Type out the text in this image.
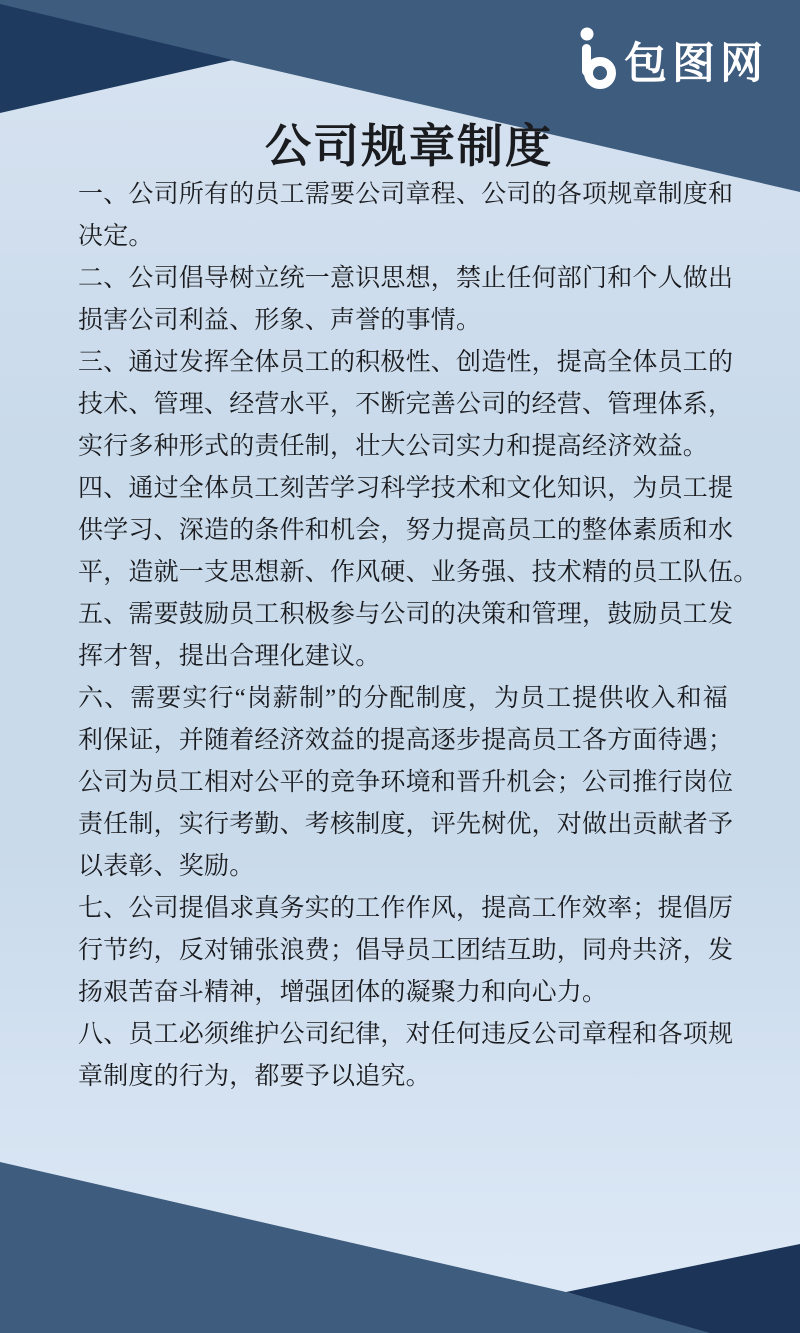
包图网
公司规章制度
一、公司所有的员工需要公司章程、公司的各项规章制度和
决定。
二、公司倡导树立统一意识思想，禁止任何部门和个人做出
损害公司利益、形象、声誉的事情。
三、通过发挥全体员工的积极性、创造性，提高全体员工的
技术、管理、经营水平，不断完善公司的经营、管理体系，
实行多种形式的责任制，壮大公司实力和提高经济效益。
四、通过全体员工刻苦学习科学技术和文化知识，为员工提
供学习、深造的条件和机会，努力提高员工的整体素质和水
平，造就一支思想新、作风硬、业务强、技术精的员工队伍。
五、需要鼓励员工积极参与公司的决策和管理，鼓励员工发
挥才智，提出合理化建议。
六、需要实行“岗薪制”的分配制度，为员工提供收入和福
利保证，并随着经济效益的提高逐步提高员工各方面待遇；
公司为员工相对公平的竞争环境和晋升机会；公司推行岗位
责任制，实行考勤、考核制度，评先树优，对做出贡献者予
以表彰、奖励。
七、公司提倡求真务实的工作作风，提高工作效率；提倡厉
行节约，反对铺张浪费；倡导员工团结互助，同舟共济，发
扬艰苦奋斗精神，增强团体的凝聚力和向心力。
八、员工必须维护公司纪律，对任何违反公司章程和各项规
章制度的行为，都要予以追究。
